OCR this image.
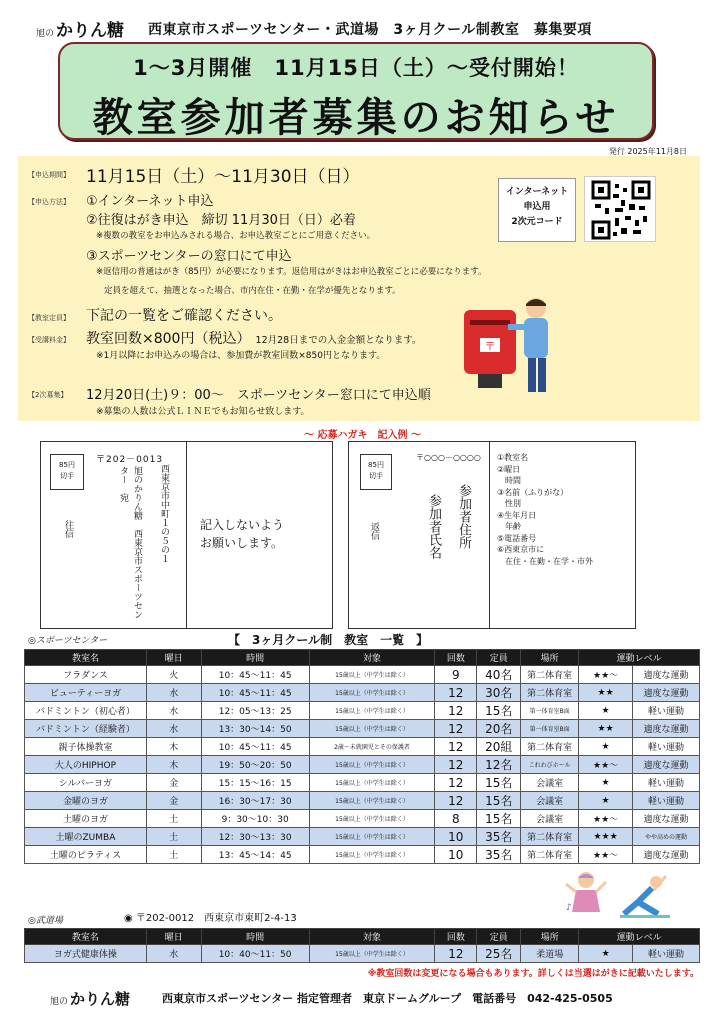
旭の かりん糖 西東京市スポーツセンター・武道場　3ヶ月クール制教室　募集要項
1～3月開催　11月15日（土）～受付開始！
教室参加者募集のお知らせ
発行 2025年11月8日
【申込期間】 11月15日（土）～11月30日（日）
【申込方法】 ①インターネット申込
②往復はがき申込　締切 11月30日（日）必着
※複数の教室をお申込みされる場合、お申込教室ごとにご用意ください。
③スポーツセンターの窓口にて申込
※返信用の普通はがき（85円）が必要になります。返信用はがきはお申込教室ごとに必要になります。
定員を超えて、抽選となった場合、市内在住・在勤・在学が優先となります。
インターネット
申込用
2次元コード
【教室定員】 下記の一覧をご確認ください。
【受講料金】 教室回数×800円（税込） 12月28日までの入金金額となります。
※1月以降にお申込みの場合は、参加費が教室回数×850円となります。
〒
【2次募集】 12月20日(土)９：00～　スポーツセンター窓口にて申込順
※募集の人数は公式ＬＩＮＥでもお知らせ致します。
～ 応募ハガキ　記入例 ～
85円
切手
〒202－0013
西東京市中町１の５の１
旭のかりん糖　西東京市スポーツセンター　宛
往信	記入しないよう
お願いします。
85円
切手
〒○○○－○○○○
参加者住所
参加者氏名
返信
①教室名
②曜日
　時間
③名前（ふりがな）
　性別
④生年月日
　年齢
⑤電話番号
⑥西東京市に
　在住・在勤・在学・市外
◎スポーツセンター	【　3ヶ月クール制　教室　一覧　】
教室名	曜日	時間	対象	回数	定員	場所	運動レベル	
フラダンス	火	10：45～11：45	15歳以上（中学生は除く）	9	40名	第二体育室	★★～	適度な運動
ビューティーヨガ	水	10：45～11：45	15歳以上（中学生は除く）	12	30名	第二体育室	★★	適度な運動
バドミントン（初心者）	水	12：05～13：25	15歳以上（中学生は除く）	12	15名	第一体育室B面	★	軽い運動
バドミントン（経験者）	水	13：30～14：50	15歳以上（中学生は除く）	12	20名	第一体育室B面	★★	適度な運動
親子体操教室	木	10：45～11：45	2歳～未就園児とその保護者	12	20組	第二体育室	★	軽い運動
大人のHIPHOP	木	19：50～20：50	15歳以上（中学生は除く）	12	12名	これわびホール	★★～	適度な運動
シルバーヨガ	金	15：15～16：15	15歳以上（中学生は除く）	12	15名	会議室	★	軽い運動
金曜のヨガ	金	16：30～17：30	15歳以上（中学生は除く）	12	15名	会議室	★	軽い運動
土曜のヨガ	土	9：30～10：30	15歳以上（中学生は除く）	8	15名	会議室	★★～	適度な運動
土曜のZUMBA	土	12：30～13：30	15歳以上（中学生は除く）	10	35名	第二体育室	★★★	やや高めの運動
土曜のピラティス	土	13：45～14：45	15歳以上（中学生は除く）	10	35名	第二体育室	★★～	適度な運動
♪
◎武道場	◉ 〒202-0012　西東京市東町2-4-13
教室名	曜日	時間	対象	回数	定員	場所	運動レベル	
ヨガ式健康体操	水	10：40～11：50	15歳以上（中学生は除く）	12	25名	柔道場	★	軽い運動
※教室回数は変更になる場合もあります。詳しくは当選はがきに記載いたします。
旭の かりん糖	西東京市スポーツセンター 指定管理者　東京ドームグループ　電話番号　042-425-0505
